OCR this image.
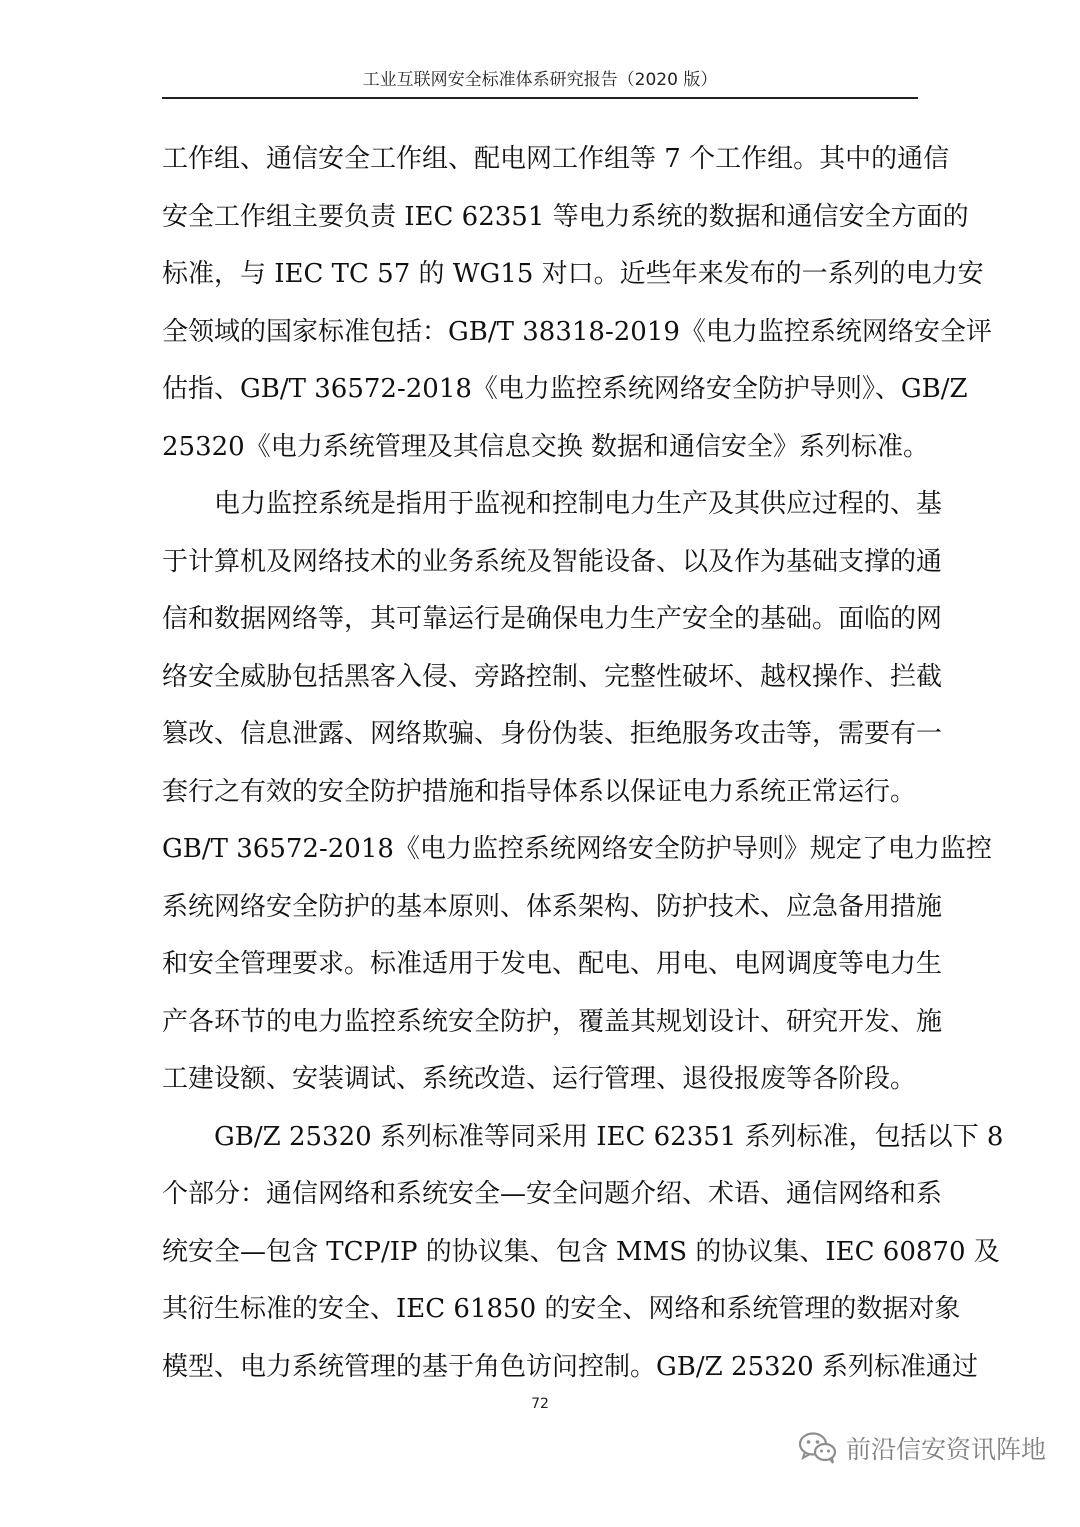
工业互联网安全标准体系研究报告（2020 版）
工作组、通信安全工作组、配电网工作组等 7 个工作组。其中的通信
安全工作组主要负责 IEC 62351 等电力系统的数据和通信安全方面的
标准，与 IEC TC 57 的 WG15 对口。近些年来发布的一系列的电力安
全领域的国家标准包括：GB/T 38318-2019《电力监控系统网络安全评
估指、GB/T 36572-2018《电力监控系统网络安全防护导则》、GB/Z
25320《电力系统管理及其信息交换 数据和通信安全》系列标准。
电力监控系统是指用于监视和控制电力生产及其供应过程的、基
于计算机及网络技术的业务系统及智能设备、以及作为基础支撑的通
信和数据网络等，其可靠运行是确保电力生产安全的基础。面临的网
络安全威胁包括黑客入侵、旁路控制、完整性破坏、越权操作、拦截
篡改、信息泄露、网络欺骗、身份伪装、拒绝服务攻击等，需要有一
套行之有效的安全防护措施和指导体系以保证电力系统正常运行。
GB/T 36572-2018《电力监控系统网络安全防护导则》规定了电力监控
系统网络安全防护的基本原则、体系架构、防护技术、应急备用措施
和安全管理要求。标准适用于发电、配电、用电、电网调度等电力生
产各环节的电力监控系统安全防护，覆盖其规划设计、研究开发、施
工建设额、安装调试、系统改造、运行管理、退役报废等各阶段。
GB/Z 25320 系列标准等同采用 IEC 62351 系列标准，包括以下 8
个部分：通信网络和系统安全—安全问题介绍、术语、通信网络和系
统安全—包含 TCP/IP 的协议集、包含 MMS 的协议集、IEC 60870 及
其衍生标准的安全、IEC 61850 的安全、网络和系统管理的数据对象
模型、电力系统管理的基于角色访问控制。GB/Z 25320 系列标准通过
72
前沿信安资讯阵地
